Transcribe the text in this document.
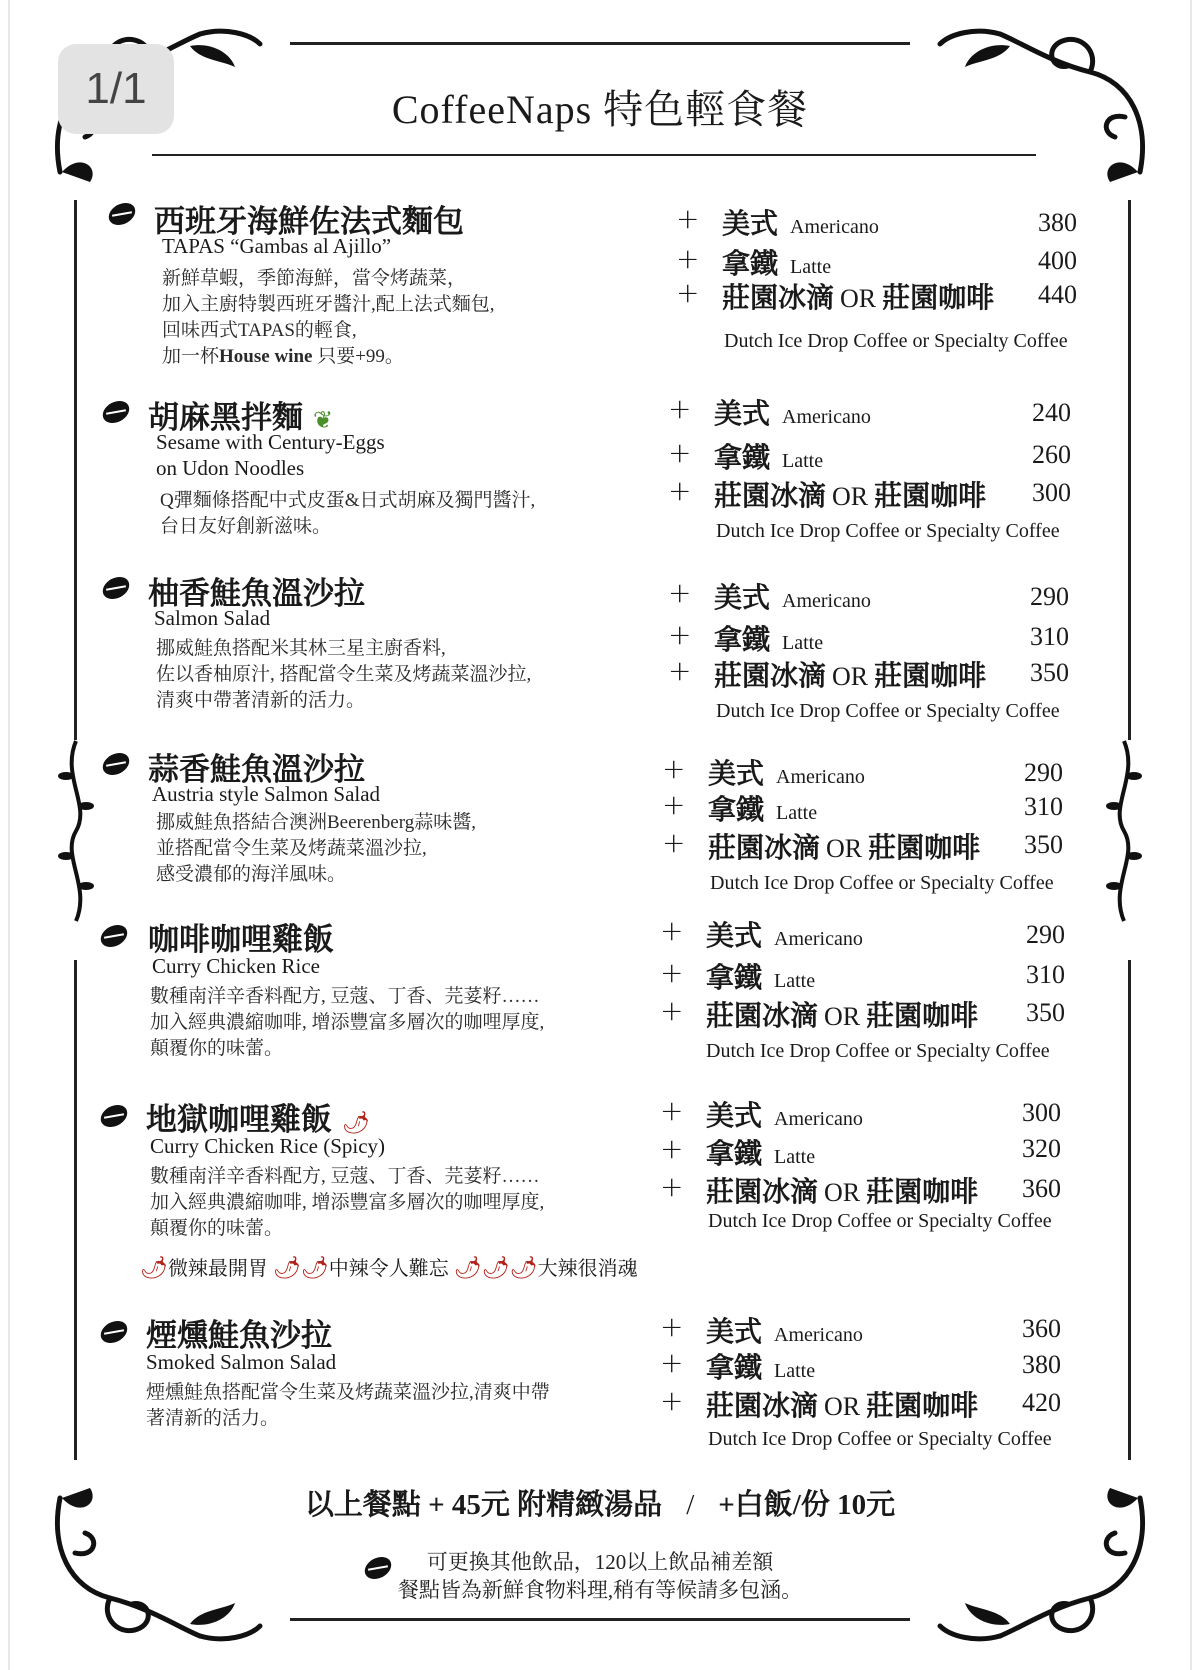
1/1	CoffeeNaps 特色輕食餐
西班牙海鮮佐法式麵包
TAPAS “Gambas al Ajillo”
新鮮草蝦，季節海鮮，當令烤蔬菜，
加入主廚特製西班牙醬汁,配上法式麵包,
回味西式TAPAS的輕食,
加一杯House wine 只要+99。
+ 美式 Americano	380
+ 拿鐵 Latte	400
+ 莊園冰滴 OR 莊園咖啡 440
Dutch Ice Drop Coffee or Specialty Coffee
胡麻黑拌麵 ❦
Sesame with Century-Eggs
on Udon Noodles
Q彈麵條搭配中式皮蛋&日式胡麻及獨門醬汁,
台日友好創新滋味。
+ 美式 Americano	240
+ 拿鐵 Latte	260
+ 莊園冰滴 OR 莊園咖啡 300
Dutch Ice Drop Coffee or Specialty Coffee
柚香鮭魚溫沙拉
Salmon Salad
挪威鮭魚搭配米其林三星主廚香料,
佐以香柚原汁, 搭配當令生菜及烤蔬菜溫沙拉,
清爽中帶著清新的活力。
+ 美式 Americano	290
+ 拿鐵 Latte	310
+ 莊園冰滴 OR 莊園咖啡 350
Dutch Ice Drop Coffee or Specialty Coffee
蒜香鮭魚溫沙拉
Austria style Salmon Salad
挪威鮭魚搭結合澳洲Beerenberg蒜味醬,
並搭配當令生菜及烤蔬菜溫沙拉,
感受濃郁的海洋風味。
+ 美式 Americano	290
+ 拿鐵 Latte	310
+ 莊園冰滴 OR 莊園咖啡 350
Dutch Ice Drop Coffee or Specialty Coffee
咖啡咖哩雞飯
Curry Chicken Rice
數種南洋辛香料配方, 豆蔻、丁香、芫荽籽……
加入經典濃縮咖啡, 增添豐富多層次的咖哩厚度,
顛覆你的味蕾。
+ 美式 Americano	290
+ 拿鐵 Latte	310
+ 莊園冰滴 OR 莊園咖啡 350
Dutch Ice Drop Coffee or Specialty Coffee
地獄咖哩雞飯 🌶
Curry Chicken Rice (Spicy)
數種南洋辛香料配方, 豆蔻、丁香、芫荽籽……
加入經典濃縮咖啡, 增添豐富多層次的咖哩厚度,
顛覆你的味蕾。
🌶微辣最開胃 🌶🌶中辣令人難忘 🌶🌶🌶大辣很消魂
+ 美式 Americano	300
+ 拿鐵 Latte	320
+ 莊園冰滴 OR 莊園咖啡 360
Dutch Ice Drop Coffee or Specialty Coffee
煙燻鮭魚沙拉
Smoked Salmon Salad
煙燻鮭魚搭配當令生菜及烤蔬菜溫沙拉,清爽中帶
著清新的活力。
+ 美式 Americano	360
+ 拿鐵 Latte	380
+ 莊園冰滴 OR 莊園咖啡 420
Dutch Ice Drop Coffee or Specialty Coffee
以上餐點 + 45元 附精緻湯品 / +白飯/份 10元
可更換其他飲品，120以上飲品補差額
餐點皆為新鮮食物料理,稍有等候請多包涵。
